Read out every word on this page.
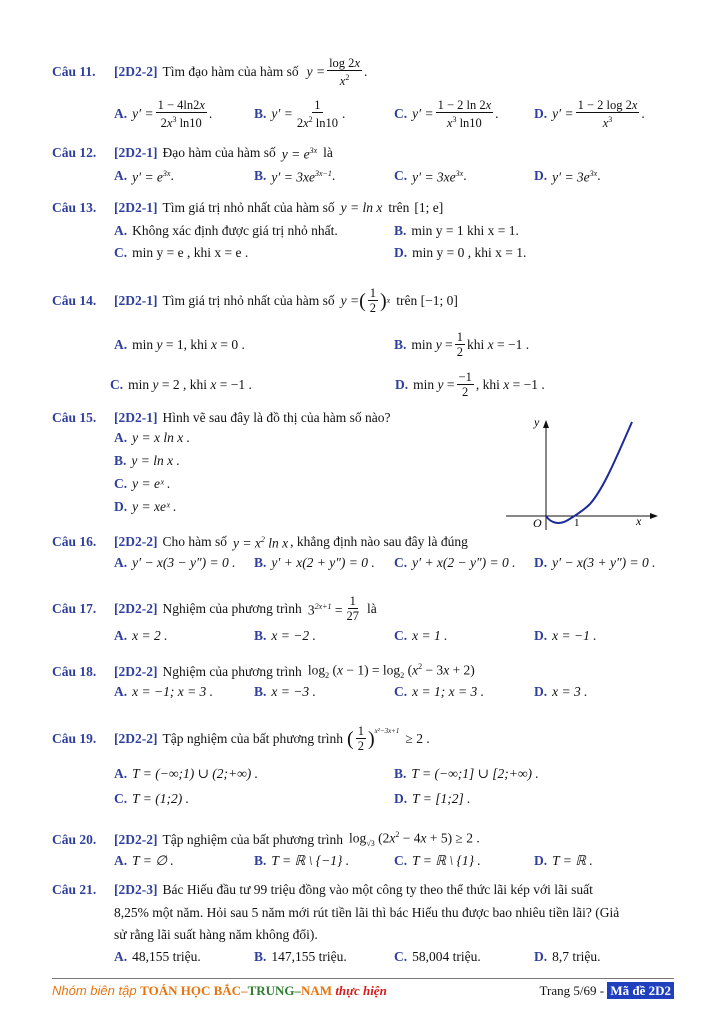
Câu 11.	[2D2-2] Tìm đạo hàm của hàm số $y = \frac{\log 2x}{x^2}$ .
A. $y' = \frac{1 - 4\ln 2x}{2x^3 \ln 10}$ .	B. $y' = \frac{1}{2x^2 \ln 10}$ .	C. $y' = \frac{1 - 2 \ln 2x}{x^3 \ln 10}$ .	D. $y' = \frac{1 - 2 \log 2x}{x^3}$ .
Câu 12.	[2D2-1] Đạo hàm của hàm số $y = e^{3x}$ là
A. $y' = e^{3x}$ .	B. $y' = 3xe^{3x-1}$ .	C. $y' = 3xe^{3x}$ .	D. $y' = 3e^{3x}$ .
Câu 13.	[2D2-1] Tìm giá trị nhỏ nhất của hàm số y = ln x trên [1; e]
A. Không xác định được giá trị nhỏ nhất.	B. min y = 1 khi x = 1.
C. min y = e , khi x = e .	D. min y = 0 , khi x = 1.
Câu 14.	[2D2-1] Tìm giá trị nhỏ nhất của hàm số y = ( $\frac{1}{2}$ ) x trên [−1; 0]
A. min y = 1, khi x = 0 .	B. $\min y = \frac{1}{2}$ khi x = −1 .
C. min y = 2 , khi x = −1 .	D. $\min y = \frac{-1}{2}$ , khi x = −1 .
Câu 15.	[2D2-1] Hình vẽ sau đây là đồ thị của hàm số nào?
A. y = x ln x .
B. y = ln x .
C. y = eˣ .
D. y = xeˣ .
y
O	1	x
Câu 16.	[2D2-2] Cho hàm số $y = x^2$ ln x , khẳng định nào sau đây là đúng
A. y′ − x(3 − y″) = 0 . B. y′ + x(2 + y″) = 0 . C. y′ + x(2 − y″) = 0 . D. y′ − x(3 + y″) = 0 .
Câu 17.	[2D2-2] Nghiệm của phương trình $3^{2x+1} = \frac{1}{27}$ là
A. x = 2 .	B. x = −2 .	C. x = 1 .	D. x = −1 .
Câu 18.	[2D2-2] Nghiệm của phương trình $\log_2 (x - 1) = \log_2 (x^2 - 3x + 2)$
A. x = −1; x = 3 .	B. x = −3 .	C. x = 1; x = 3 .	D. x = 3 .
Câu 19.	[2D2-2] Tập nghiệm của bất phương trình ( $\frac{1}{2} )^{x^2-3x+1} \ge 2$ .
A. T = (−∞;1) ∪ (2;+∞) .	B. T = (−∞;1] ∪ [2;+∞) .
C. T = (1;2) .	D. T = [1;2] .
Câu 20.	[2D2-2] Tập nghiệm của bất phương trình $\log_{√3} (2x^2 - 4x + 5) \ge 2$ .
A. T = ∅ .	B. T = ℝ \ {−1} .	C. T = ℝ \ {1} .	D. T = ℝ .
Câu 21.	[2D2-3] Bác Hiếu đầu tư 99 triệu đồng vào một công ty theo thể thức lãi kép với lãi suất
8,25% một năm. Hỏi sau 5 năm mới rút tiền lãi thì bác Hiếu thu được bao nhiêu tiền lãi? (Giả
sử rằng lãi suất hàng năm không đổi).
A. 48,155 triệu.	B. 147,155 triệu.	C. 58,004 triệu.	D. 8,7 triệu.
Nhóm biên tập TOÁN HỌC BẮC–TRUNG–NAM thực hiện	Trang 5/69 - Mã đề 2D2
